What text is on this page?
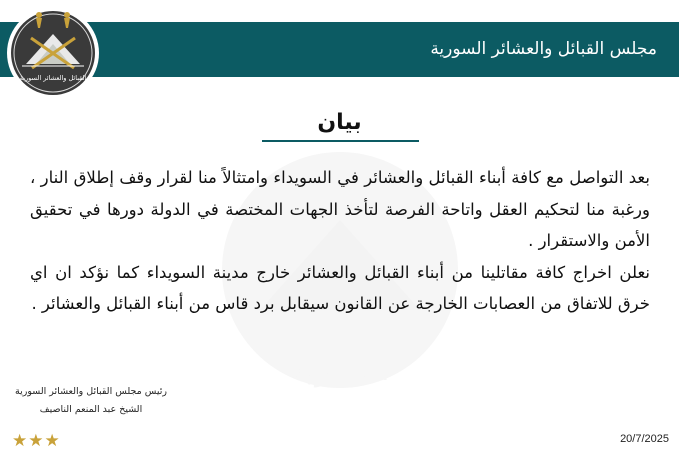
مجلس القبائل والعشائر السورية
القبائل والعشائر السورية
السورية
بيان

بعد التواصل مع كافة أبناء القبائل والعشائر في السويداء وامتثالاً منا لقرار وقف إطلاق النار ، ورغبة منا لتحكيم العقل واتاحة الفرصة لتأخذ الجهات المختصة في الدولة دورها في تحقيق الأمن والاستقرار .

نعلن اخراج كافة مقاتلينا من أبناء القبائل والعشائر خارج مدينة السويداء كما نؤكد ان اي خرق للاتفاق من العصابات الخارجة عن القانون سيقابل برد قاس من أبناء القبائل والعشائر .

رئيس مجلس القبائل والعشائر السورية
الشيخ عبد المنعم الناصيف
★★★	20/7/2025
